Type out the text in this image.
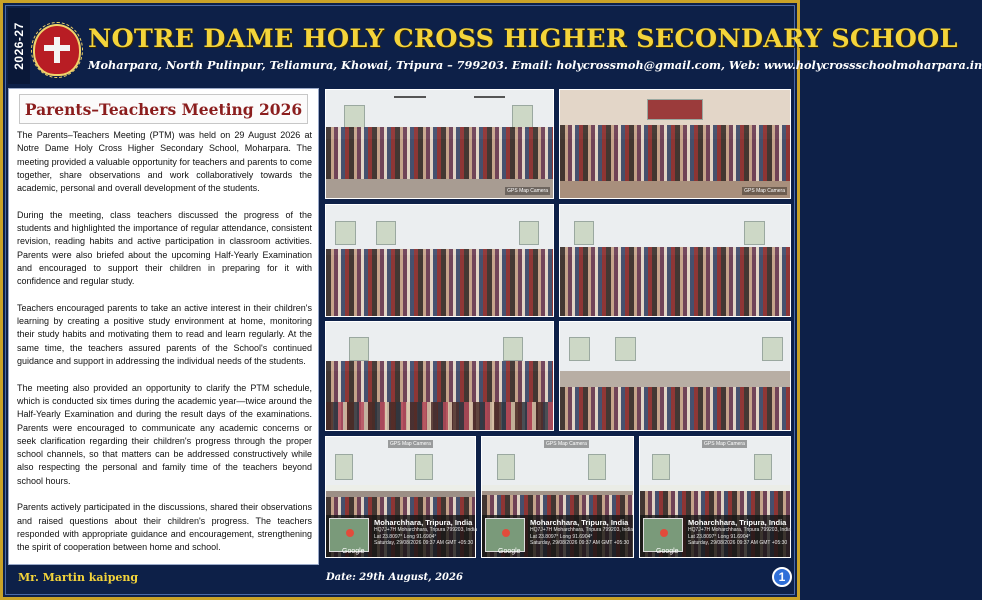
2026-27 NOTRE DAME HOLY CROSS HIGHER SECONDARY SCHOOL
Moharpara, North Pulinpur, Teliamura, Khowai, Tripura – 799203. Email: holycrossmoh@gmail.com, Web: www.holycrossschoolmoharpara.in
Parents–Teachers Meeting 2026

The Parents–Teachers Meeting (PTM) was held on 29 August 2026 at Notre Dame Holy Cross Higher Secondary School, Moharpara. The meeting provided a valuable opportunity for teachers and parents to come together, share observations and work collaboratively towards the academic, personal and overall development of the students.

During the meeting, class teachers discussed the progress of the students and highlighted the importance of regular attendance, consistent revision, reading habits and active participation in classroom activities. Parents were also briefed about the upcoming Half-Yearly Examination and encouraged to support their children in preparing for it with confidence and regular study.

Teachers encouraged parents to take an active interest in their children's learning by creating a positive study environment at home, monitoring their study habits and motivating them to read and learn regularly. At the same time, the teachers assured parents of the School's continued guidance and support in addressing the individual needs of the students.

The meeting also provided an opportunity to clarify the PTM schedule, which is conducted six times during the academic year—twice around the Half-Yearly Examination and during the result days of the examinations. Parents were encouraged to communicate any academic concerns or seek clarification regarding their children's progress through the proper school channels, so that matters can be addressed constructively while also respecting the personal and family time of the teachers beyond school hours.

Parents actively participated in the discussions, shared their observations and raised questions about their children's progress. The teachers responded with appropriate guidance and encouragement, strengthening the spirit of cooperation between home and school.

GPS Map Camera	GPS Map Camera
GPS Map Camera
Google
Moharchhara, Tripura, India
HQ7J+7H Moharchhara, Tripura 799203, India
Lat 23.8097° Long 91.6904°
Saturday, 29/08/2026 09:37 AM GMT +05:30
GPS Map Camera
Google
Moharchhara, Tripura, India
HQ7J+7H Moharchhara, Tripura 799203, India
Lat 23.8097° Long 91.6904°
Saturday, 29/08/2026 09:37 AM GMT +05:30
GPS Map Camera
Google
Moharchhara, Tripura, India
HQ7J+7H Moharchhara, Tripura 799203, India
Lat 23.8097° Long 91.6904°
Saturday, 29/08/2026 09:37 AM GMT +05:30
Mr. Martin kaipeng	Date: 29th August, 2026	1
